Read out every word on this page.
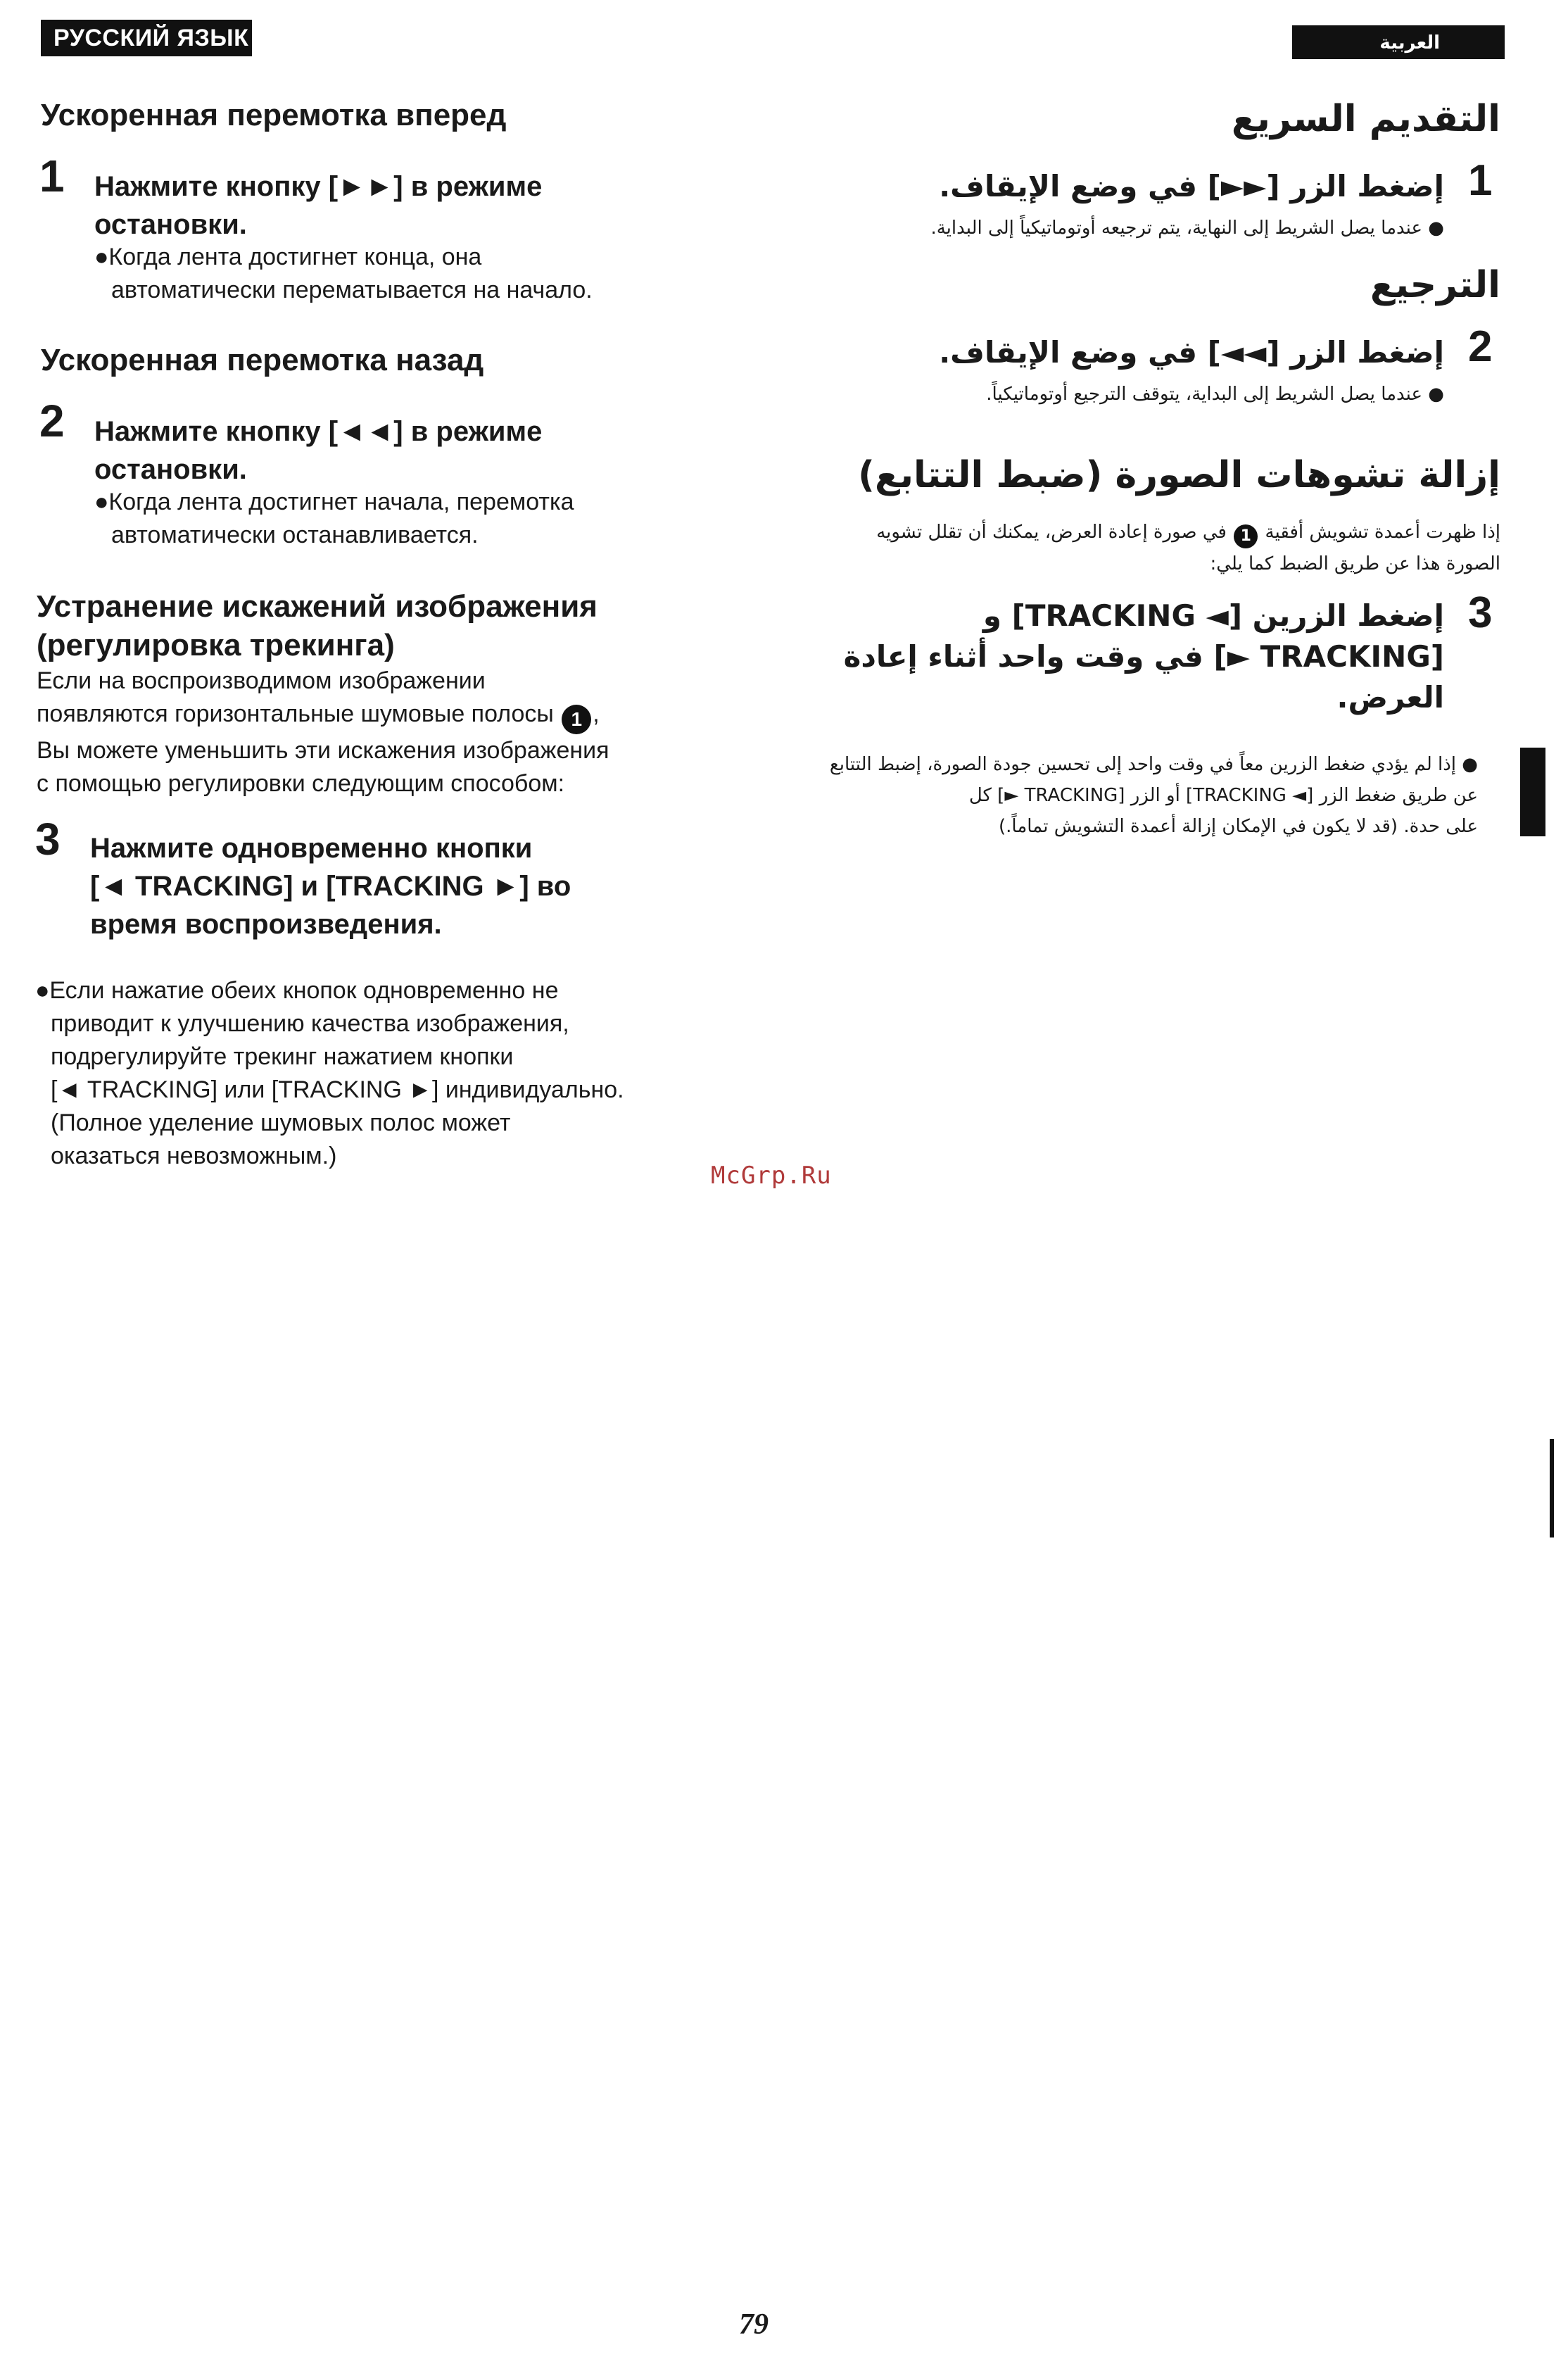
РУССКИЙ ЯЗЫК	العربية
Ускоренная перемотка вперед
1 Нажмите кнопку [►►] в режиме
остановки.
●Когда лента достигнет конца, она
автоматически перематывается на начало.
Ускоренная перемотка назад
2 Нажмите кнопку [◄◄] в режиме
остановки.
●Когда лента достигнет начала, перемотка
автоматически останавливается.
Устранение искажений изображения
(регулировка трекинга)
Если на воспроизводимом изображении
появляются горизонтальные шумовые полосы 1 ,
Вы можете уменьшить эти искажения изображения
с помощью регулировки следующим способом:
3 Нажмите одновременно кнопки
[◄ TRACKING] и [TRACKING ►] во
время воспроизведения.
●Если нажатие обеих кнопок одновременно не
приводит к улучшению качества изображения,
подрегулируйте трекинг нажатием кнопки
[◄ TRACKING] или [TRACKING ►] индивидуально.
(Полное уделение шумовых полос может
оказаться невозможным.)
التقديم السريع
1
إضغط الزر [►►] في وضع الإيقاف.
● عندما يصل الشريط إلى النهاية، يتم ترجيعه أوتوماتيكياً إلى البداية.
الترجيع
2
إضغط الزر [◄◄] في وضع الإيقاف.
● عندما يصل الشريط إلى البداية، يتوقف الترجيع أوتوماتيكياً.
إزالة تشوهات الصورة (ضبط التتابع)
إذا ظهرت أعمدة تشويش أفقية 1 في صورة إعادة العرض، يمكنك أن تقلل تشويه
الصورة هذا عن طريق الضبط كما يلي:
3
إضغط الزرين [◄ TRACKING] و
[TRACKING ►] في وقت واحد أثناء إعادة
العرض.
● إذا لم يؤدي ضغط الزرين معاً في وقت واحد إلى تحسين جودة الصورة، إضبط التتابع
عن طريق ضغط الزر [◄ TRACKING] أو الزر [TRACKING ►] كل
على حدة. (قد لا يكون في الإمكان إزالة أعمدة التشويش تماماً.)
McGrp.Ru
79
